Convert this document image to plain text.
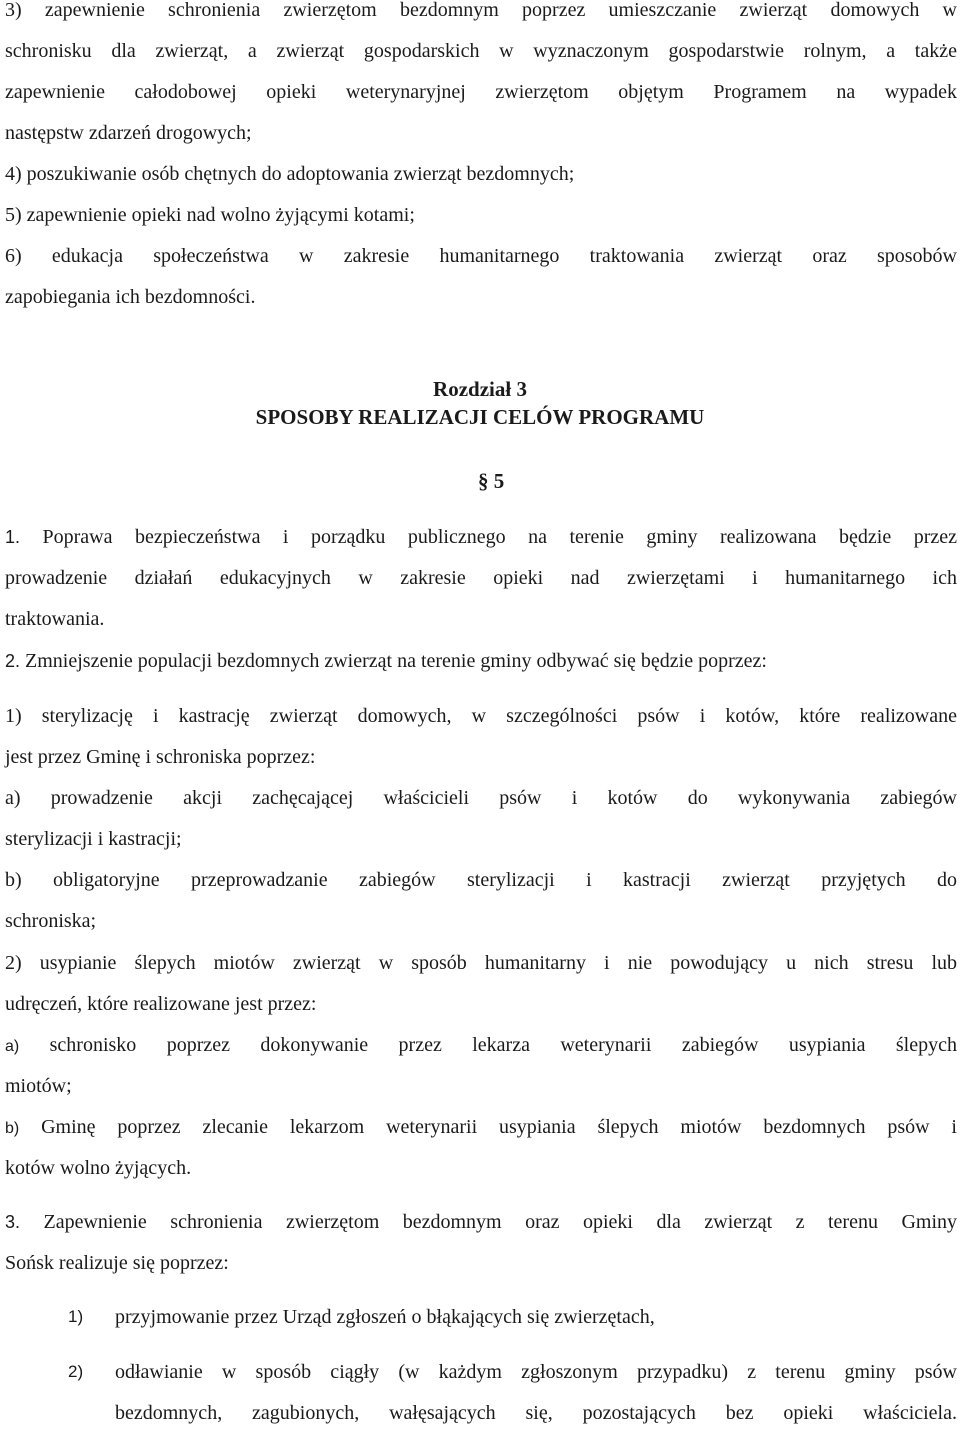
3) zapewnienie schronienia zwierzętom bezdomnym poprzez umieszczanie zwierząt domowych w
schronisku dla zwierząt, a zwierząt gospodarskich w wyznaczonym gospodarstwie rolnym, a także
zapewnienie całodobowej opieki weterynaryjnej zwierzętom objętym Programem na wypadek
następstw zdarzeń drogowych;
4) poszukiwanie osób chętnych do adoptowania zwierząt bezdomnych;
5) zapewnienie opieki nad wolno żyjącymi kotami;
6) edukacja społeczeństwa w zakresie humanitarnego traktowania zwierząt oraz sposobów
zapobiegania ich bezdomności.
Rozdział 3
SPOSOBY REALIZACJI CELÓW PROGRAMU
§ 5
1. Poprawa bezpieczeństwa i porządku publicznego na terenie gminy realizowana będzie przez
prowadzenie działań edukacyjnych w zakresie opieki nad zwierzętami i humanitarnego ich
traktowania.
2. Zmniejszenie populacji bezdomnych zwierząt na terenie gminy odbywać się będzie poprzez:
1) sterylizację i kastrację zwierząt domowych, w szczególności psów i kotów, które realizowane
jest przez Gminę i schroniska poprzez:
a) prowadzenie akcji zachęcającej właścicieli psów i kotów do wykonywania zabiegów
sterylizacji i kastracji;
b) obligatoryjne przeprowadzanie zabiegów sterylizacji i kastracji zwierząt przyjętych do
schroniska;
2) usypianie ślepych miotów zwierząt w sposób humanitarny i nie powodujący u nich stresu lub
udręczeń, które realizowane jest przez:
a) schronisko poprzez dokonywanie przez lekarza weterynarii zabiegów usypiania ślepych
miotów;
b) Gminę poprzez zlecanie lekarzom weterynarii usypiania ślepych miotów bezdomnych psów i
kotów wolno żyjących.
3. Zapewnienie schronienia zwierzętom bezdomnym oraz opieki dla zwierząt z terenu Gminy
Sońsk realizuje się poprzez:
1) przyjmowanie przez Urząd zgłoszeń o błąkających się zwierzętach,
2) odławianie w sposób ciągły (w każdym zgłoszonym przypadku) z terenu gminy psów
bezdomnych, zagubionych, wałęsających się, pozostających bez opieki właściciela.
